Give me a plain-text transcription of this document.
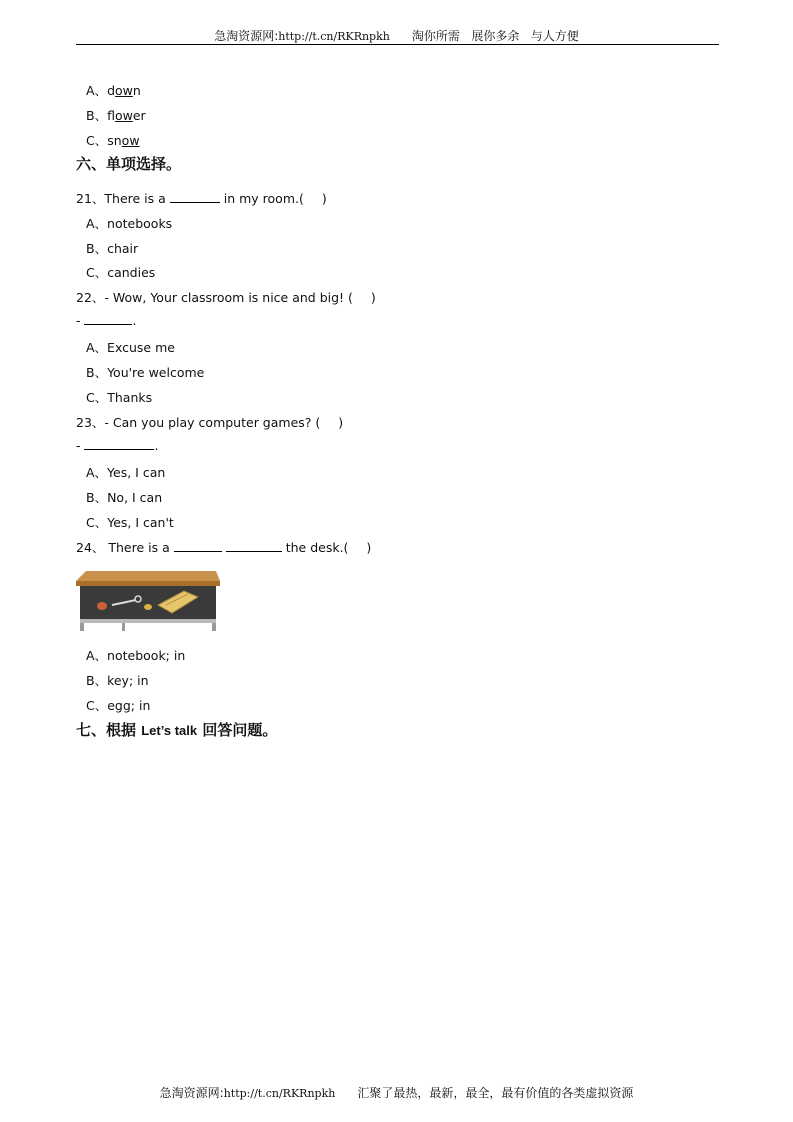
急淘资源网:http://t.cn/RKRnpkh 淘你所需 展你多余 与人方便
A、down
B、flower
C、snow
六、单项选择。
21、There is a	in my room.( )
A、notebooks
B、chair
C、candies
22、- Wow, Your classroom is nice and big! ( )
-	.
A、Excuse me
B、You're welcome
C、Thanks
23、- Can you play computer games? ( )
-	.
A、Yes, I can
B、No, I can
C、Yes, I can't
24、 There is a	the desk.( )
A、notebook; in
B、key; in
C、egg; in
七、根据 Let’s talk 回答问题。
急淘资源网:http://t.cn/RKRnpkh 汇聚了最热，最新，最全，最有价值的各类虚拟资源
